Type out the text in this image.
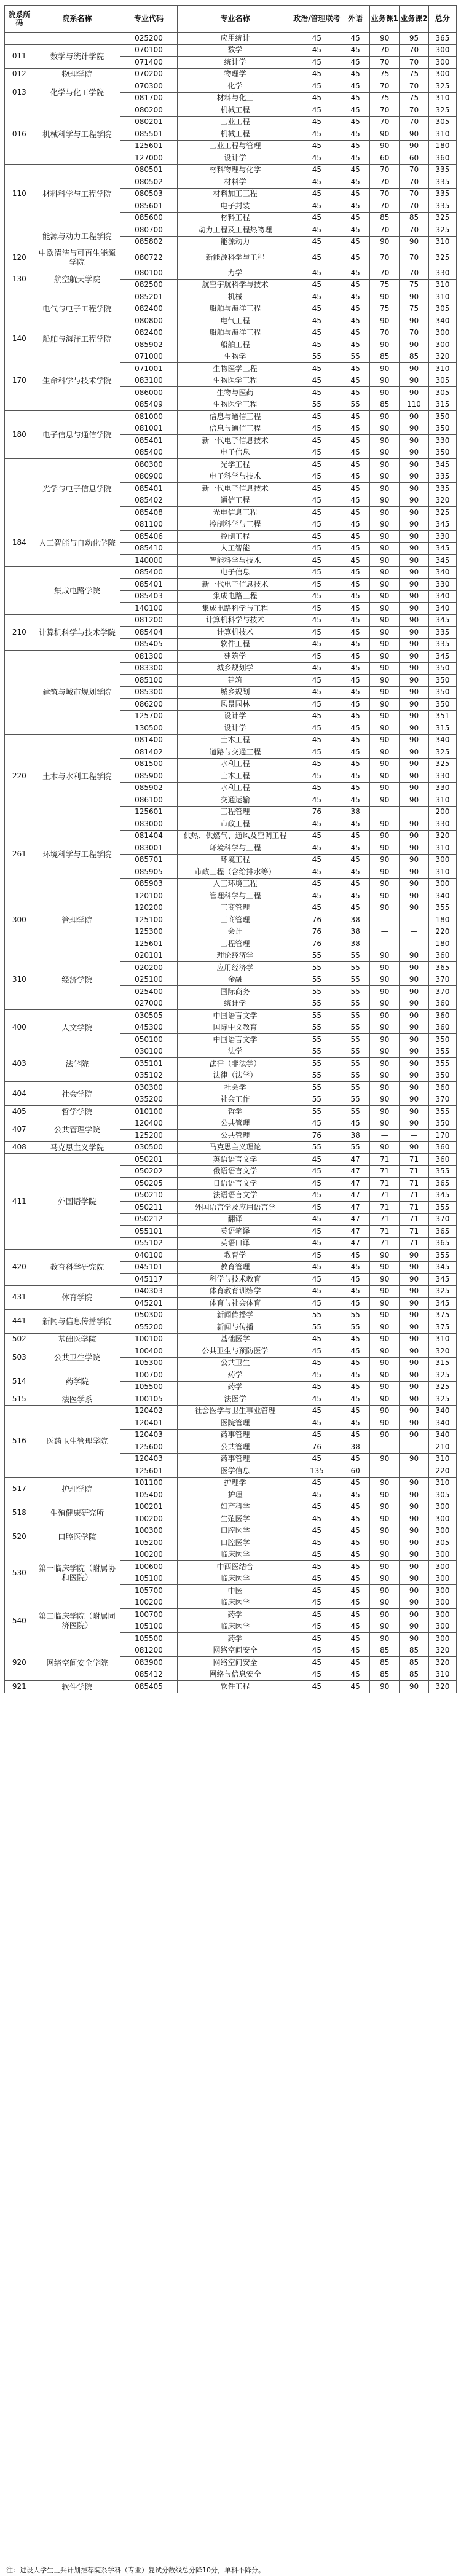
院系所码	院系名称	专业代码	专业名称	政治/管理联考	外语	业务课1	业务课2	总分
		025200	应用统计	45	45	90	95	365
011	数学与统计学院	070100	数学	45	45	70	70	300
		071400	统计学	45	45	70	70	300
012	物理学院	070200	物理学	45	45	75	75	300
013	化学与化工学院	070300	化学	45	45	70	70	325
		081700	材料与化工	45	45	75	75	310
016	机械科学与工程学院	080200	机械工程	45	45	70	70	325
		080201	工业工程	45	45	70	70	305
		085501	机械工程	45	45	90	90	310
		125601	工业工程与管理	45	45	90	90	180
		127000	设计学	45	45	60	60	360
110	材料科学与工程学院	080501	材料物理与化学	45	45	70	70	335
		080502	材料学	45	45	70	70	335
		080503	材料加工工程	45	45	70	70	335
		085601	电子封装	45	45	70	70	335
		085600	材料工程	45	45	85	85	325
	能源与动力工程学院	080700	动力工程及工程热物理	45	45	70	70	325
		085802	能源动力	45	45	90	90	310
120	中欧清洁与可再生能源学院	080722	新能源科学与工程	45	45	70	70	325
130	航空航天学院	080100	力学	45	45	70	70	330
		082500	航空宇航科学与技术	45	45	75	75	310
	电气与电子工程学院	085201	机械	45	45	90	90	310
		082400	船舶与海洋工程	45	45	75	75	305
		080800	电气工程	45	45	90	90	340
140	船舶与海洋工程学院	082400	船舶与海洋工程	45	45	70	70	300
		085902	船舶工程	45	45	90	90	300
170	生命科学与技术学院	071000	生物学	55	55	85	85	320
		071001	生物医学工程	45	45	90	90	310
		083100	生物医学工程	45	45	90	90	305
		086000	生物与医药	45	45	90	90	305
		085409	生物医学工程	55	55	85	110	315
180	电子信息与通信学院	081000	信息与通信工程	45	45	90	90	350
		081001	信息与通信工程	45	45	90	90	350
		085401	新一代电子信息技术	45	45	90	90	330
		085400	电子信息	45	45	90	90	350
	光学与电子信息学院	080300	光学工程	45	45	90	90	345
		080900	电子科学与技术	45	45	90	90	335
		085401	新一代电子信息技术	45	45	90	90	335
		085402	通信工程	45	45	90	90	320
		085408	光电信息工程	45	45	90	90	325
184	人工智能与自动化学院	081100	控制科学与工程	45	45	90	90	345
		085406	控制工程	45	45	90	90	330
		085410	人工智能	45	45	90	90	345
		140000	智能科学与技术	45	45	90	90	345
	集成电路学院	085400	电子信息	45	45	90	90	340
		085401	新一代电子信息技术	45	45	90	90	330
		085403	集成电路工程	45	45	90	90	340
		140100	集成电路科学与工程	45	45	90	90	340
210	计算机科学与技术学院	081200	计算机科学与技术	45	45	90	90	345
		085404	计算机技术	45	45	90	90	335
		085405	软件工程	45	45	90	90	335
	建筑与城市规划学院	081300	建筑学	45	45	90	90	345
		083300	城乡规划学	45	45	90	90	350
		085100	建筑	45	45	90	90	350
		085300	城乡规划	45	45	90	90	350
		086200	风景园林	45	45	90	90	350
		125700	设计学	45	45	90	90	351
		130500	设计学	45	45	90	90	315
220	土木与水利工程学院	081400	土木工程	45	45	90	90	340
		081402	道路与交通工程	45	45	90	90	325
		081500	水利工程	45	45	90	90	325
		085900	土木工程	45	45	90	90	330
		085902	水利工程	45	45	90	90	330
		086100	交通运输	45	45	90	90	310
		125601	工程管理	76	38	—	—	200
261	环境科学与工程学院	083000	市政工程	45	45	90	90	330
		081404	供热、供燃气、通风及空调工程	45	45	90	90	320
		083001	环境科学与工程	45	45	90	90	310
		085701	环境工程	45	45	90	90	300
		085905	市政工程（含给排水等）	45	45	90	90	310
		085903	人工环境工程	45	45	90	90	300
300	管理学院	120100	管理科学与工程	45	45	90	90	340
		120200	工商管理	45	45	90	90	355
		125100	工商管理	76	38	—	—	180
		125300	会计	76	38	—	—	220
		125601	工程管理	76	38	—	—	180
310	经济学院	020101	理论经济学	55	55	90	90	360
		020200	应用经济学	55	55	90	90	365
		025100	金融	55	55	90	90	370
		025400	国际商务	55	55	90	90	370
		027000	统计学	55	55	90	90	360
400	人文学院	030505	中国语言文学	55	55	90	90	360
		045300	国际中文教育	55	55	90	90	360
		050100	中国语言文学	55	55	90	90	350
403	法学院	030100	法学	55	55	90	90	355
		035101	法律（非法学）	55	55	90	90	355
		035102	法律（法学）	55	55	90	90	350
404	社会学院	030300	社会学	55	55	90	90	360
		035200	社会工作	55	55	90	90	370
405	哲学学院	010100	哲学	55	55	90	90	355
407	公共管理学院	120400	公共管理	45	45	90	90	350
		125200	公共管理	76	38	—	—	170
408	马克思主义学院	030500	马克思主义理论	55	55	90	90	360
411	外国语学院	050201	英语语言文学	45	47	71	71	360
		050202	俄语语言文学	45	47	71	71	355
		050205	日语语言文学	45	47	71	71	365
		050210	法语语言文学	45	47	71	71	345
		050211	外国语言学及应用语言学	45	47	71	71	355
		050212	翻译	45	47	71	71	370
		055101	英语笔译	45	47	71	71	365
		055102	英语口译	45	47	71	71	365
420	教育科学研究院	040100	教育学	45	45	90	90	355
		045101	教育管理	45	45	90	90	345
		045117	科学与技术教育	45	45	90	90	345
431	体育学院	040303	体育教育训练学	45	45	90	90	325
		045201	体育与社会体育	45	45	90	90	345
441	新闻与信息传播学院	050300	新闻传播学	55	55	90	90	375
		055200	新闻与传播	55	55	90	90	375
502	基础医学院	100100	基础医学	45	45	90	90	310
503	公共卫生学院	100400	公共卫生与预防医学	45	45	90	90	320
		105300	公共卫生	45	45	90	90	315
514	药学院	100700	药学	45	45	90	90	325
		105500	药学	45	45	90	90	325
515	法医学系	100105	法医学	45	45	90	90	325
516	医药卫生管理学院	120402	社会医学与卫生事业管理	45	45	90	90	340
		120401	医院管理	45	45	90	90	340
		120403	药事管理	45	45	90	90	340
		125600	公共管理	76	38	—	—	210
		120403	药事管理	45	45	90	90	310
		125601	医学信息	135	60	—	—	220
517	护理学院	101100	护理学	45	45	90	90	310
		105400	护理	45	45	90	90	305
518	生殖健康研究所	100201	妇产科学	45	45	90	90	300
		100200	生殖医学	45	45	90	90	300
520	口腔医学院	100300	口腔医学	45	45	90	90	300
		105200	口腔医学	45	45	90	90	305
530	第一临床学院（附属协和医院）	100200	临床医学	45	45	90	90	300
		100600	中西医结合	45	45	90	90	300
		105100	临床医学	45	45	90	90	300
		105700	中医	45	45	90	90	300
540	第二临床学院（附属同济医院）	100200	临床医学	45	45	90	90	300
		100700	药学	45	45	90	90	300
		105100	临床医学	45	45	90	90	300
		105500	药学	45	45	90	90	300
920	网络空间安全学院	081200	网络空间安全	45	45	85	85	320
		083900	网络空间安全	45	45	85	85	320
		085412	网络与信息安全	45	45	85	85	310
921	软件学院	085405	软件工程	45	45	90	90	320
注：进设大学生士兵计划推荐院系学科（专业）复试分数线总分降10分，单科不降分。
